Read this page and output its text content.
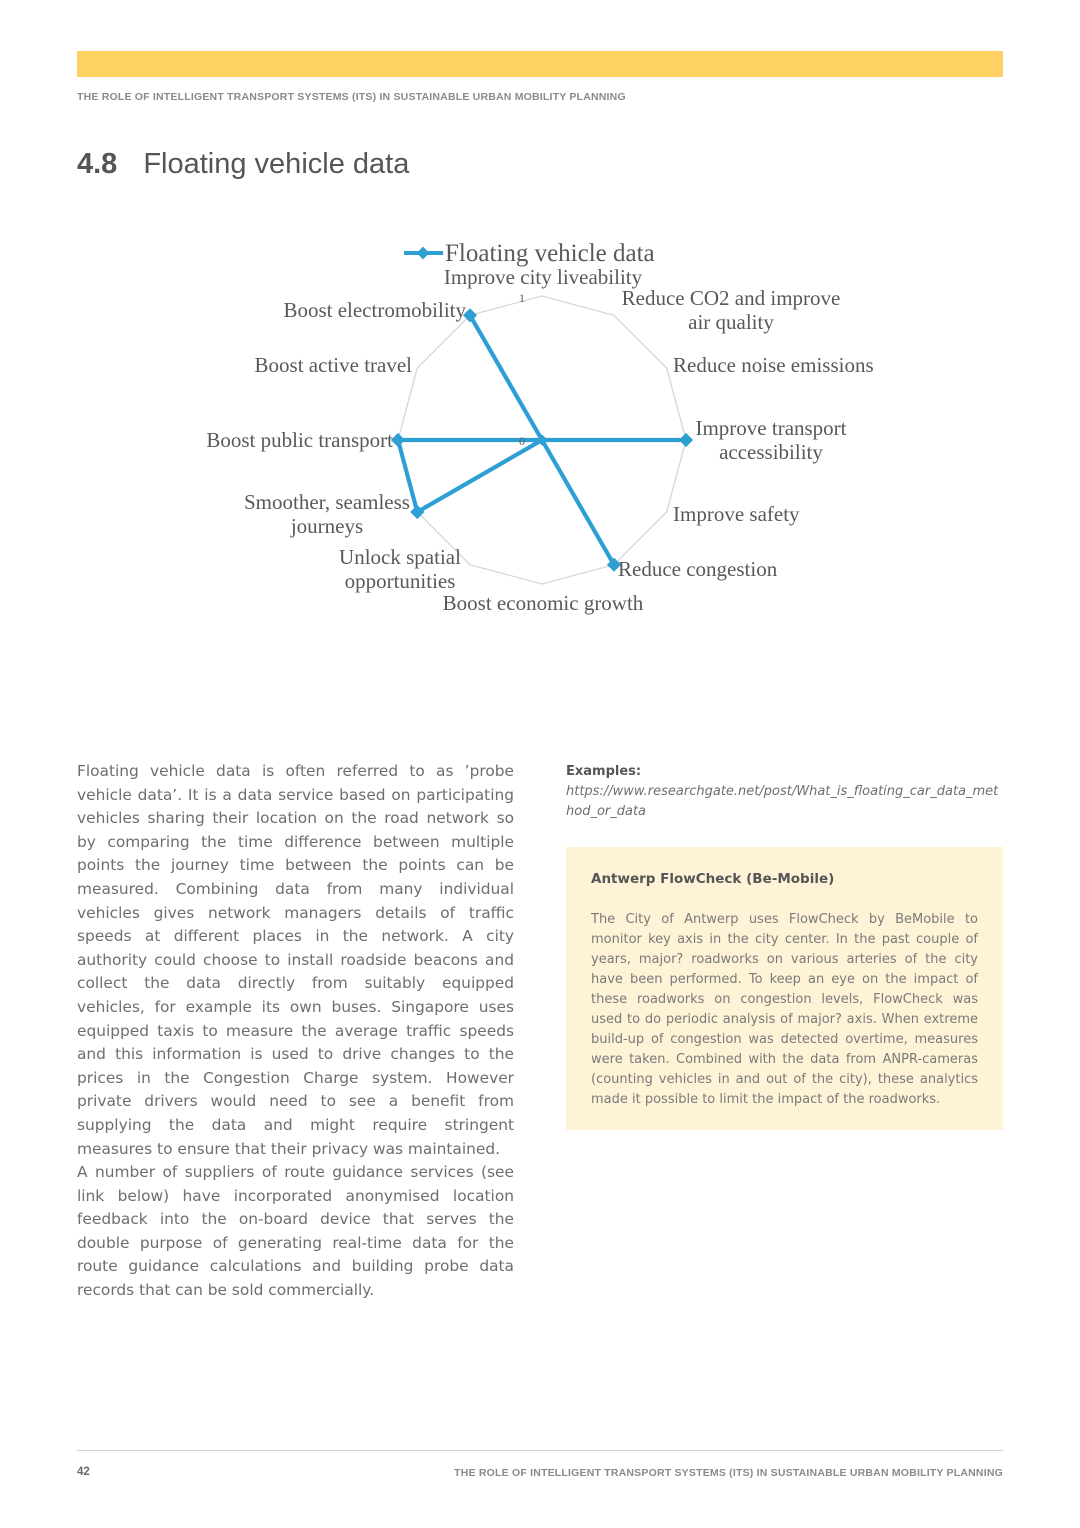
THE ROLE OF INTELLIGENT TRANSPORT SYSTEMS (ITS) IN SUSTAINABLE URBAN MOBILITY PLANNING
4.8 Floating vehicle data
1
0
Floating vehicle data
Improve city liveability
Reduce CO2 and improve
air quality
Reduce noise emissions
Improve transport
accessibility
Improve safety
Reduce congestion
Boost economic growth
Unlock spatial
opportunities
Smoother, seamless
journeys
Boost public transport
Boost active travel
Boost electromobility

Floating vehicle data is often referred to as ’probe vehicle data’. It is a data service based on participating vehicles sharing their location on the road network so by comparing the time difference between multiple points the journey time between the points can be measured. Combining data from many individual vehicles gives network managers details of traffic speeds at different places in the network. A city authority could choose to install roadside beacons and collect the data directly from suitably equipped vehicles, for example its own buses. Singapore uses equipped taxis to measure the average traffic speeds and this information is used to drive changes to the prices in the Congestion Charge system. However private drivers would need to see a benefit from supplying the data and might require stringent measures to ensure that their privacy was maintained.

A number of suppliers of route guidance services (see link below) have incorporated anonymised location feedback into the on-board device that serves the double purpose of generating real-time data for the route guidance calculations and building probe data records that can be sold commercially.

Examples:
https://www.researchgate.net/post/What_is_floating_car_data_method_or_data
Antwerp FlowCheck (Be-Mobile)
The City of Antwerp uses FlowCheck by BeMobile to monitor key axis in the city center. In the past couple of years, major? roadworks on various arteries of the city have been performed. To keep an eye on the impact of these roadworks on congestion levels, FlowCheck was used to do periodic analysis of major? axis. When extreme build-up of congestion was detected overtime, measures were taken. Combined with the data from ANPR-cameras (counting vehicles in and out of the city), these analytics made it possible to limit the impact of the roadworks.
42	THE ROLE OF INTELLIGENT TRANSPORT SYSTEMS (ITS) IN SUSTAINABLE URBAN MOBILITY PLANNING
